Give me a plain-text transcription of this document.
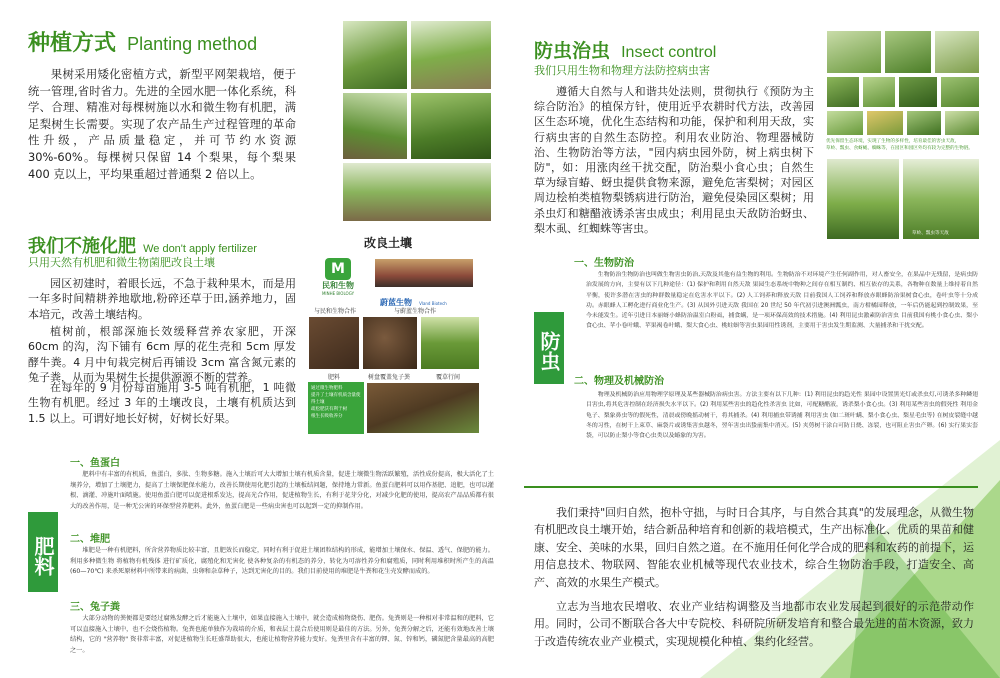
种植方式 Planting method
果树采用矮化密植方式，新型平网架栽培，便于统一管理,省时省力。先进的全园水肥一体化系统，科学、合理、精准对每棵树施以水和微生物有机肥，满足梨树生长需要。实现了农产品生产过程管理的革命性升级，产品质量稳定，并可节约水资源30%-60%。每棵树只保留 14 个梨果，每个梨果 400 克以上，平均果重超过普通梨 2 倍以上。
我们不施化肥 We don't apply fertilizer
只用天然有机肥和微生物菌肥改良土壤
园区初建时，着眼长远，不急于栽种果木，而是用一年多时间精耕养地歇地,粉碎还草于田,涵养地力，固本培元，改善土壤结构。
植树前，根部深施长效缓释营养农家肥，开深 60cm 的沟，沟下铺有 6cm 厚的花生壳和 5cm 厚发酵牛粪。4 月中旬栽完树后再铺设 3cm 富含氮元素的兔子粪，从而为果树生长提供源源不断的营养。
在每年的 9 月份每亩施用 3-5 吨有机肥，1 吨微生物有机肥。经过 3 年的土壤改良，土壤有机质达到 1.5 以上。可谓好地长好树，好树长好果。
改良土壤
M
民和生物
MINHE BIOLOGY
与民和生物合作
蔚蓝生物 Vland Biotech
与蔚蓝生物合作
肥料	树盘覆盖兔子粪	覆草行间
通过微生物肥料
提升了土壤有机质含量使得土壤
疏松肥沃有利于树
根生长吸收养分
肥料
一、鱼蛋白
肥料中有丰富的有机质，鱼蛋白，多肽、生物多糖。施入土壤后可大大增加土壤有机质含量，促进土壤微生物活跃繁殖，活性成份提高，极大活化了土壤养分，增加了土壤肥力，提高了土壤保肥保水能力，改善长期使用化肥引起的土壤板结问题，保持地力常新。鱼蛋白肥料可以用作基肥、追肥，也可以灌根、滴灌、冲施叶面喷施。使用鱼蛋白肥可以促进根系发达，提高光合作用，促进植物生长，有利于花芽分化，对减少化肥的使用，提高农产品品质都有很大的改善作用，是一种无公害的环保型营养肥料。此外，鱼蛋白肥是一些病虫害也可以起到一定的抑制作用。
二、堆肥
堆肥是一种有机肥料，所含营养物质比较丰富，且肥效长而稳定，同时有利于促进土壤团粒结构的形成，能增加土壤保水、保温、透气、保肥的能力。利用多种微生物 将植物有机残体 进行矿质化，腐殖化和无害化 使各种复杂的有机态的养分，转化为可溶性养分和腐殖质，同时利用堆积时所产生的高温 (60—70℃) 来杀死原材料中所带来的病菌、虫卵和杂草种子，达到无害化的目的。我们目前使用的堆肥是牛粪和花生壳发酵而成的。
三、兔子粪
大部分动物的粪便都是要经过腐熟发酵之后才能施入土壤中，如果直接施入土壤中，就会造成植物烧伤、肥伤。兔粪则是一种相对非常温和的肥料，它可以直接施入土壤中，也不会烧伤植物。兔粪也能单独作为栽培的介质，和表层土混合后使用则是最佳的方法。另外，兔粪分解之后，还能有效地改善土壤结构，它的 "营养物" 资非常丰富，对促进植物生长旺盛帮助很大，也能让植物营养能力变好。兔粪里含有丰富的钾、氮、锌和钙，磷氮肥含量最高的高肥之一。
防虫治虫 Insect control
我们只用生物和物理方法防控病虫害
遵循大自然与人和谐共处法则，贯彻执行《预防为主 综合防治》的植保方针，使用近乎农耕时代方法，改善园区生态环境，优化生态结构和功能，保护和利用天敌，实行病虫害的自然生态防控。利用农业防治、物理器械防治、生物防治等方法，"园内病虫园外防，树上病虫树下防"，如：用涨肉丝干扰交配，防治梨小食心虫；自然生草为绿盲蝽、蚜虫提供食物来源，避免危害梨树；对园区周边桧柏类植物梨锈病进行防治，避免侵染园区梨树；用杀虫灯和糖醋液诱杀害虫成虫；利用昆虫天敌防治蚜虫、梨木虱、红蜘蛛等害虫。
优先保留生态环境，实现了生物的多样性，培育最佳的害虫天敌，
草蛉、瓢虫、食蚜蝇、蜘蛛等，在园区和园区外均有较为完整的生物链。
草蛉、瓢虫等天敌
防虫
一、生物防治
生物防治生物防治也叫做生物害虫防治,天敌及其他有益生物的利用。生物防治不对环境产生任何副作用，对人畜安全，在果品中无残留，是病虫防治发展的方向，主要有以下几种途径：(1) 保护和利用自然天敌 果园生态系统中物种之间存在相互制约、相互依存的关系，各物种在数量上维持着自然平衡，使许多潜在害虫的种群数量稳定在危害水平以下。(2) 人工饲养和释放天敌 目前我国人工饲养和释放赤眼蜂防治果树食心虫，卷叶虫等十分成功。赤眼蜂人工孵化进行商业化生产。(3) 从国外引进天敌 我国在 20 世纪 50 年代初引进澳洲瓢虫，南方柑橘园释放，一年后仍能起到控制效果，至今未能发生。近年引进日本丽蚜小蜂防治温室白粉虱，捕食螨，是一项环保高效的技术措施。(4) 利用昆虫激素防治害虫 目前我国有桃小食心虫、梨小食心虫、苹小卷叶蛾、苹果褐卷叶蛾、梨大食心虫、桃蛀螟等害虫果园用性诱剂，主要用于害虫发生期监测、大量捕杀和干扰交配。
二、物理及机械防治
物理及机械防治应用物理学原理及某些器械防治病虫害。方法主要有以下几种：(1) 利用昆虫的趋光性 果园中设置黑光灯或杀虫灯,可诱杀多种鳞翅目害虫,将其危害控制在经济损失水平以下。(2) 利用某些害虫的趋化性杀害虫 比如，可配糖醋液，诱杀梨小食心虫。(3) 利用某些害虫的假死性 利用金龟子、梨象鼻虫等的假死性，清晨或傍晚摇动树干，将其捕杀。(4) 利用捕虫带诱捕 利用害虫 (如二斑叶螨、梨小食心虫、梨星毛虫等) 在树皮裂缝中越冬的习性，在树干上束草、麻袋片或诱集害虫越冬，翌年害虫出蛰前集中消灭。(5) 夹剪树干涂白可防日烧、冻裂，也可阻止害虫产卵。(6) 实行果实套袋，可以防止梨小等食心虫类以及蝽象的为害。
我们秉持"回归自然，抱朴守拙，与时日合其序，与自然合其真"的发展理念，从微生物有机肥改良土壤开始，结合新品种培育和创新的栽培模式，生产出标准化、优质的果苗和健康、安全、美味的水果，回归自然之道。在不施用任何化学合成的肥料和农药的前提下，运用信息技术、物联网、智能农业机械等现代农业技术，综合生物防治手段，打造安全、高产、高效的水果生产模式。
立志为当地农民增收、农业产业结构调整及当地都市农业发展起到很好的示范带动作用。同时，公司不断联合各大中专院校、科研院所研发培育和整合最先进的苗木资源，致力于改造传统农业产业模式，实现规模化种植、集约化经营。
